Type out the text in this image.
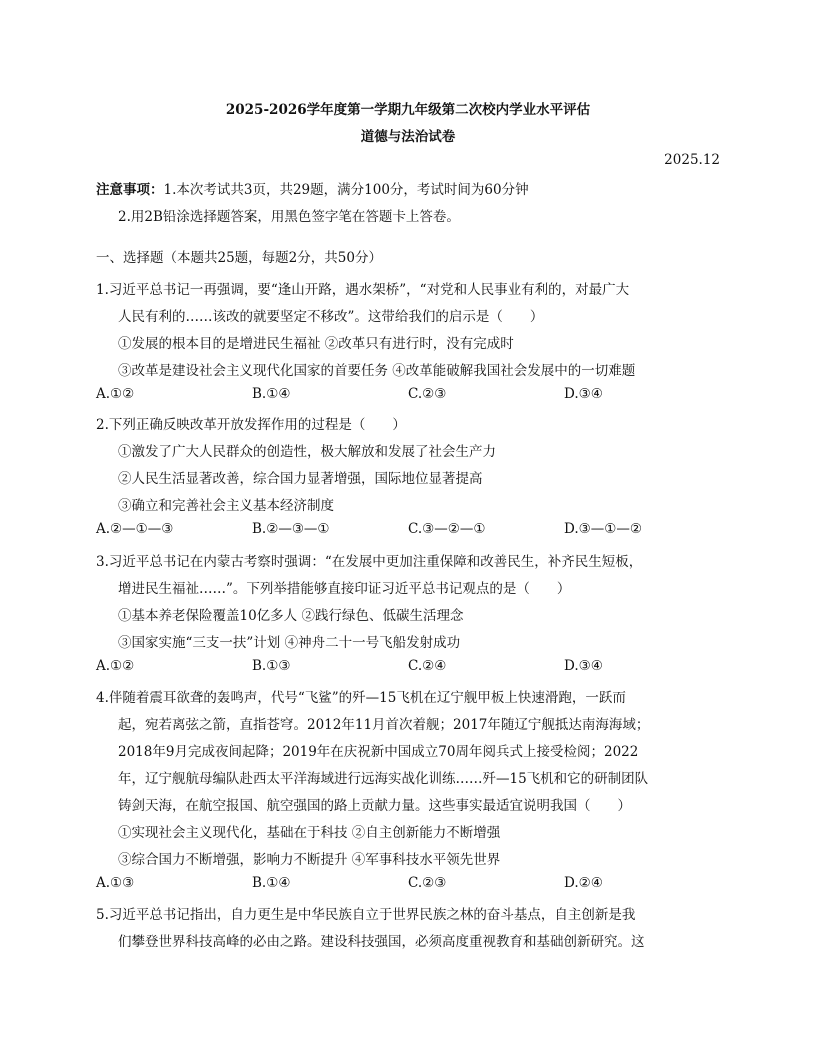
2025-2026学年度第一学期九年级第二次校内学业水平评估
道德与法治试卷
2025.12
注意事项：1.本次考试共3页，共29题，满分100分，考试时间为60分钟
2.用2B铅涂选择题答案，用黑色签字笔在答题卡上答卷。
一、选择题（本题共25题，每题2分，共50分）
1.习近平总书记一再强调，要“逢山开路，遇水架桥”，“对党和人民事业有利的，对最广大
人民有利的……该改的就要坚定不移改”。这带给我们的启示是（　　）
①发展的根本目的是增进民生福祉 ②改革只有进行时，没有完成时
③改革是建设社会主义现代化国家的首要任务 ④改革能破解我国社会发展中的一切难题
A.①②	B.①④	C.②③	D.③④
2.下列正确反映改革开放发挥作用的过程是（　　）
①激发了广大人民群众的创造性，极大解放和发展了社会生产力
②人民生活显著改善，综合国力显著增强，国际地位显著提高
③确立和完善社会主义基本经济制度
A.②—①—③	B.②—③—①	C.③—②—①	D.③—①—②
3.习近平总书记在内蒙古考察时强调：“在发展中更加注重保障和改善民生，补齐民生短板，
增进民生福祉……”。下列举措能够直接印证习近平总书记观点的是（　　）
①基本养老保险覆盖10亿多人 ②践行绿色、低碳生活理念
③国家实施“三支一扶”计划 ④神舟二十一号飞船发射成功
A.①②	B.①③	C.②④	D.③④
4.伴随着震耳欲聋的轰鸣声，代号“飞鲨”的歼—15飞机在辽宁舰甲板上快速滑跑，一跃而
起，宛若离弦之箭，直指苍穹。2012年11月首次着舰；2017年随辽宁舰抵达南海海域；
2018年9月完成夜间起降；2019年在庆祝新中国成立70周年阅兵式上接受检阅；2022
年，辽宁舰航母编队赴西太平洋海域进行远海实战化训练……歼—15飞机和它的研制团队
铸剑天海，在航空报国、航空强国的路上贡献力量。这些事实最适宜说明我国（　　）
①实现社会主义现代化，基础在于科技 ②自主创新能力不断增强
③综合国力不断增强，影响力不断提升 ④军事科技水平领先世界
A.①③	B.①④	C.②③	D.②④
5.习近平总书记指出，自力更生是中华民族自立于世界民族之林的奋斗基点，自主创新是我
们攀登世界科技高峰的必由之路。建设科技强国，必须高度重视教育和基础创新研究。这
